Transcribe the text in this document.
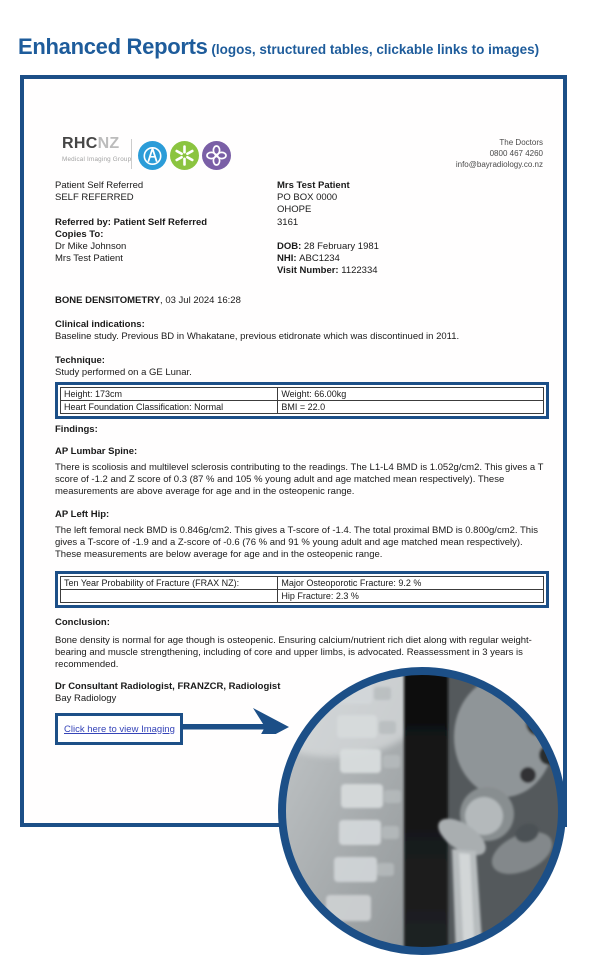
Enhanced Reports (logos, structured tables, clickable links to images)
RHCNZ
Medical Imaging Group
The Doctors
0800 467 4260
info@bayradiology.co.nz
Patient Self Referred
SELF REFERRED
Referred by: Patient Self Referred
Copies To:
Dr Mike Johnson
Mrs Test Patient
Mrs Test Patient
PO BOX 0000
OHOPE
3161
DOB: 28 February 1981
NHI: ABC1234
Visit Number: 1122334
BONE DENSITOMETRY, 03 Jul 2024 16:28
Clinical indications:
Baseline study. Previous BD in Whakatane, previous etidronate which was discontinued in 2011.
Technique:
Study performed on a GE Lunar.
Height: 173cm	Weight: 66.00kg
Heart Foundation Classification: Normal	BMI = 22.0
Findings:
AP Lumbar Spine:
There is scoliosis and multilevel sclerosis contributing to the readings. The L1-L4 BMD is 1.052g/cm2. This gives a T score of -1.2 and Z score of 0.3 (87 % and 105 % young adult and age matched mean respectively). These measurements are above average for age and in the osteopenic range.
AP Left Hip:
The left femoral neck BMD is 0.846g/cm2. This gives a T-score of -1.4. The total proximal BMD is 0.800g/cm2. This gives a T-score of -1.9 and a Z-score of -0.6 (76 % and 91 % young adult and age matched mean respectively). These measurements are below average for age and in the osteopenic range.
Ten Year Probability of Fracture (FRAX NZ):	Major Osteoporotic Fracture: 9.2 %
	Hip Fracture: 2.3 %
Conclusion:
Bone density is normal for age though is osteopenic. Ensuring calcium/nutrient rich diet along with regular weight-bearing and muscle strengthening, including of core and upper limbs, is advocated. Reassessment in 3 years is recommended.
Dr Consultant Radiologist, FRANZCR, Radiologist
Bay Radiology
Click here to view Imaging
